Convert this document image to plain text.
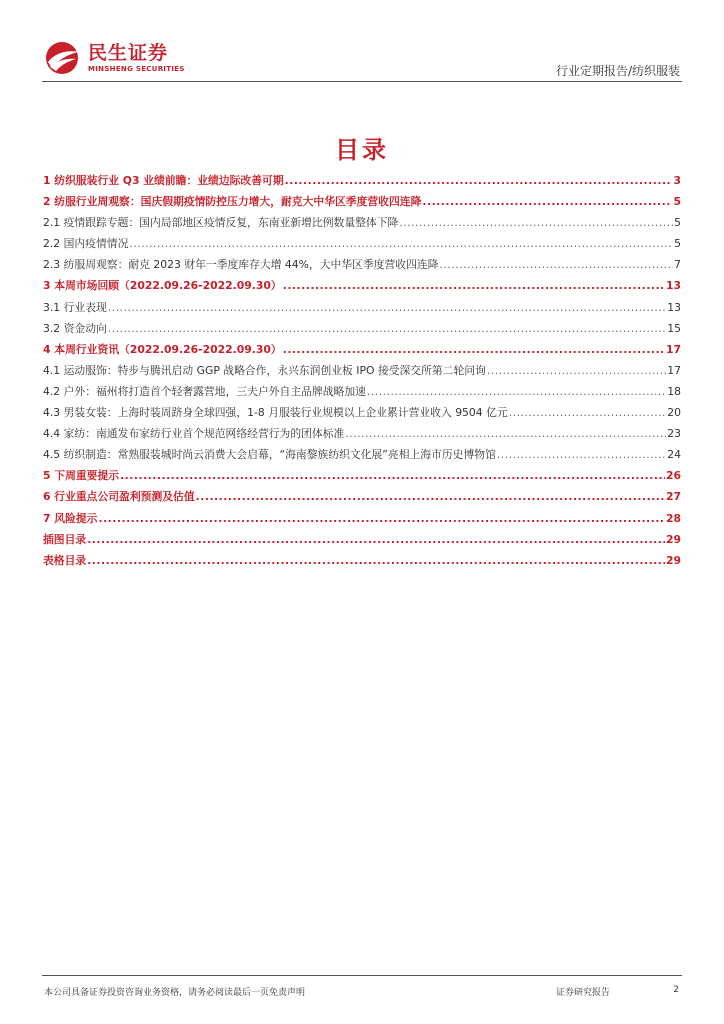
民生证券
MINSHENG SECURITIES	行业定期报告/纺织服装
目录
1 纺织服装行业 Q3 业绩前瞻：业绩边际改善可期 .....	3
2 纺服行业周观察：国庆假期疫情防控压力增大，耐克大中华区季度营收四连降 .....	5
2.1 疫情跟踪专题：国内局部地区疫情反复，东南亚新增比例数量整体下降 .....	5
2.2 国内疫情情况 .....	5
2.3 纺服周观察：耐克 2023 财年一季度库存大增 44%，大中华区季度营收四连降 .....	7
3 本周市场回顾（2022.09.26-2022.09.30） .....	13
3.1 行业表现 .....	13
3.2 资金动向 .....	15
4 本周行业资讯（2022.09.26-2022.09.30） .....	17
4.1 运动服饰：特步与腾讯启动 GGP 战略合作，永兴东润创业板 IPO 接受深交所第二轮问询 .....	17
4.2 户外：福州将打造首个轻奢露营地，三夫户外自主品牌战略加速 .....	18
4.3 男装女装：上海时装周跻身全球四强，1-8 月服装行业规模以上企业累计营业收入 9504 亿元 .....	20
4.4 家纺：南通发布家纺行业首个规范网络经营行为的团体标准 .....	23
4.5 纺织制造：常熟服装城时尚云消费大会启幕，“海南黎族纺织文化展”亮相上海市历史博物馆 .....	24
5 下周重要提示 .....	26
6 行业重点公司盈利预测及估值 .....	27
7 风险提示 .....	28
插图目录 .....	29
表格目录 .....	29
本公司具备证券投资咨询业务资格，请务必阅读最后一页免责声明	证券研究报告	2
